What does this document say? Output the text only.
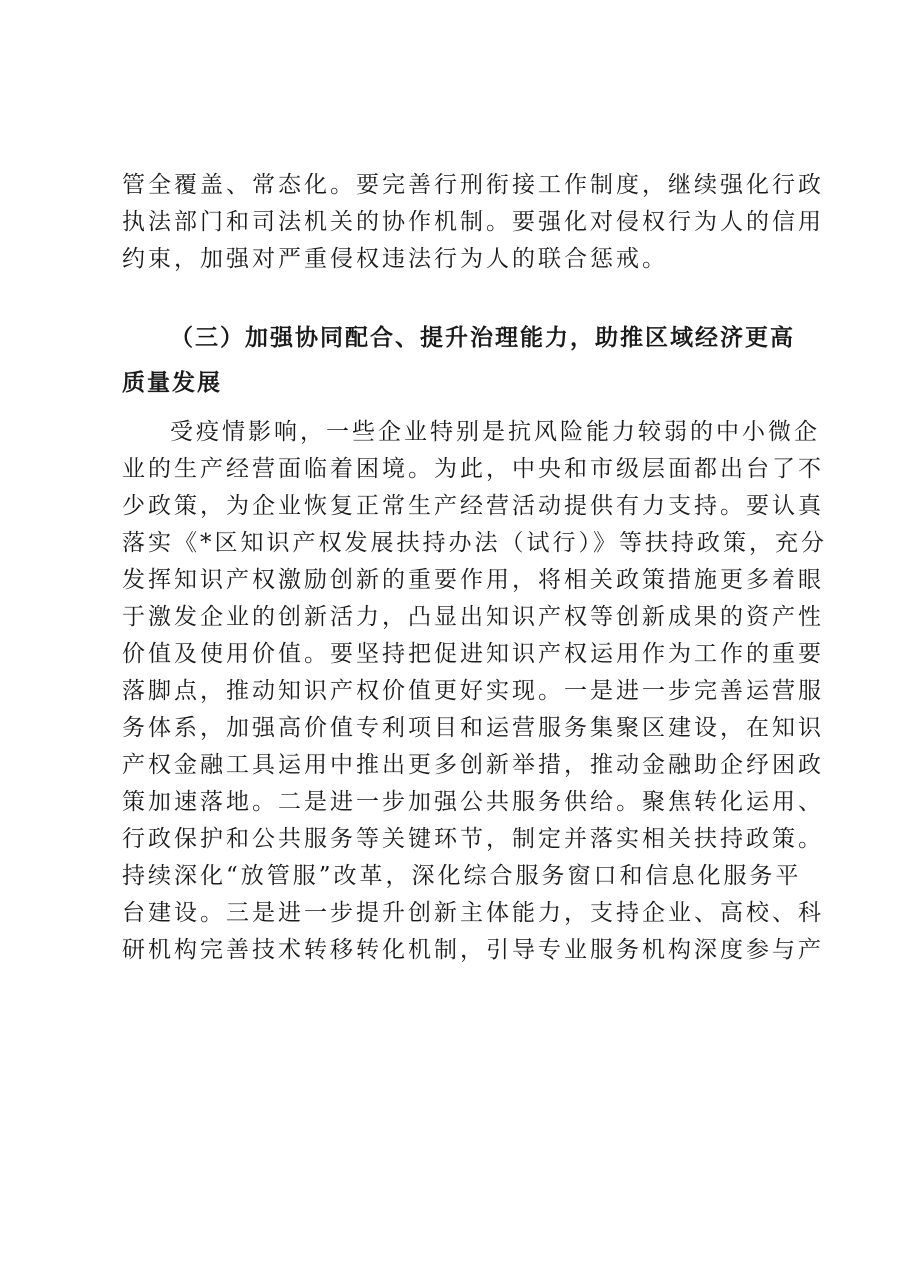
管全覆盖、常态化。要完善行刑衔接工作制度，继续强化行政
执法部门和司法机关的协作机制。要强化对侵权行为人的信用
约束，加强对严重侵权违法行为人的联合惩戒。
（三）加强协同配合、提升治理能力，助推区域经济更高
质量发展
受疫情影响，一些企业特别是抗风险能力较弱的中小微企
业的生产经营面临着困境。为此，中央和市级层面都出台了不
少政策，为企业恢复正常生产经营活动提供有力支持。要认真
落实《*区知识产权发展扶持办法（试行）》等扶持政策，充分
发挥知识产权激励创新的重要作用，将相关政策措施更多着眼
于激发企业的创新活力，凸显出知识产权等创新成果的资产性
价值及使用价值。要坚持把促进知识产权运用作为工作的重要
落脚点，推动知识产权价值更好实现。一是进一步完善运营服
务体系，加强高价值专利项目和运营服务集聚区建设，在知识
产权金融工具运用中推出更多创新举措，推动金融助企纾困政
策加速落地。二是进一步加强公共服务供给。聚焦转化运用、
行政保护和公共服务等关键环节，制定并落实相关扶持政策。
持续深化“放管服”改革，深化综合服务窗口和信息化服务平
台建设。三是进一步提升创新主体能力，支持企业、高校、科
研机构完善技术转移转化机制，引导专业服务机构深度参与产
